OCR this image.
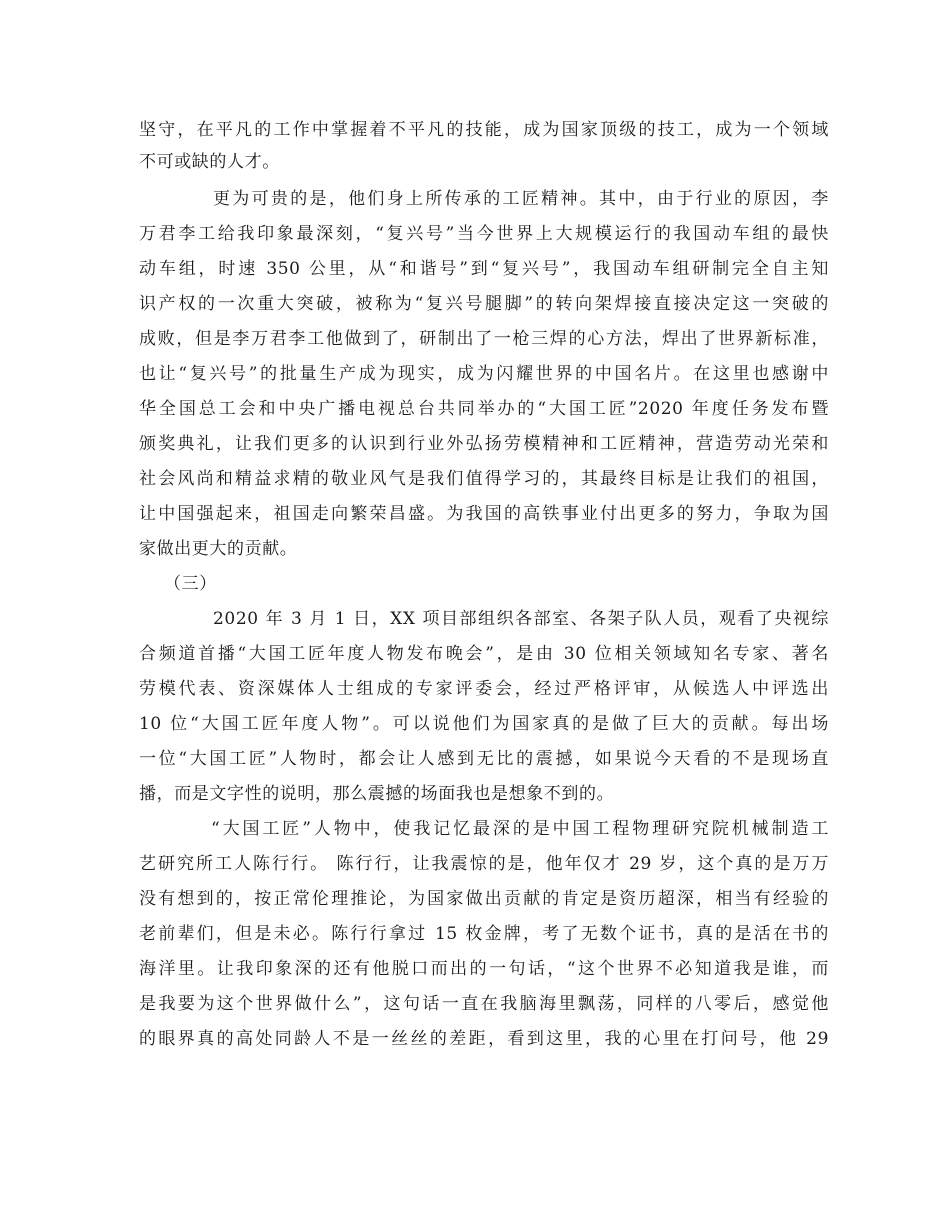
坚守，在平凡的工作中掌握着不平凡的技能，成为国家顶级的技工，成为一个领域
不可或缺的人才。
更为可贵的是，他们身上所传承的工匠精神。其中，由于行业的原因，李
万君李工给我印象最深刻，“复兴号”当今世界上大规模运行的我国动车组的最快
动车组，时速 350 公里，从“和谐号”到“复兴号”，我国动车组研制完全自主知
识产权的一次重大突破，被称为“复兴号腿脚”的转向架焊接直接决定这一突破的
成败，但是李万君李工他做到了，研制出了一枪三焊的心方法，焊出了世界新标准，
也让“复兴号”的批量生产成为现实，成为闪耀世界的中国名片。在这里也感谢中
华全国总工会和中央广播电视总台共同举办的“大国工匠”2020 年度任务发布暨
颁奖典礼，让我们更多的认识到行业外弘扬劳模精神和工匠精神，营造劳动光荣和
社会风尚和精益求精的敬业风气是我们值得学习的，其最终目标是让我们的祖国，
让中国强起来，祖国走向繁荣昌盛。为我国的高铁事业付出更多的努力，争取为国
家做出更大的贡献。
（三）
2020 年 3 月 1 日，XX 项目部组织各部室、各架子队人员，观看了央视综
合频道首播“大国工匠年度人物发布晚会”，是由 30 位相关领域知名专家、著名
劳模代表、资深媒体人士组成的专家评委会，经过严格评审，从候选人中评选出
10 位“大国工匠年度人物”。可以说他们为国家真的是做了巨大的贡献。每出场
一位“大国工匠”人物时，都会让人感到无比的震撼，如果说今天看的不是现场直
播，而是文字性的说明，那么震撼的场面我也是想象不到的。
“大国工匠”人物中，使我记忆最深的是中国工程物理研究院机械制造工
艺研究所工人陈行行。 陈行行，让我震惊的是，他年仅才 29 岁，这个真的是万万
没有想到的，按正常伦理推论，为国家做出贡献的肯定是资历超深，相当有经验的
老前辈们，但是未必。陈行行拿过 15 枚金牌，考了无数个证书，真的是活在书的
海洋里。让我印象深的还有他脱口而出的一句话，“这个世界不必知道我是谁，而
是我要为这个世界做什么”，这句话一直在我脑海里飘荡，同样的八零后，感觉他
的眼界真的高处同龄人不是一丝丝的差距，看到这里，我的心里在打问号，他 29
